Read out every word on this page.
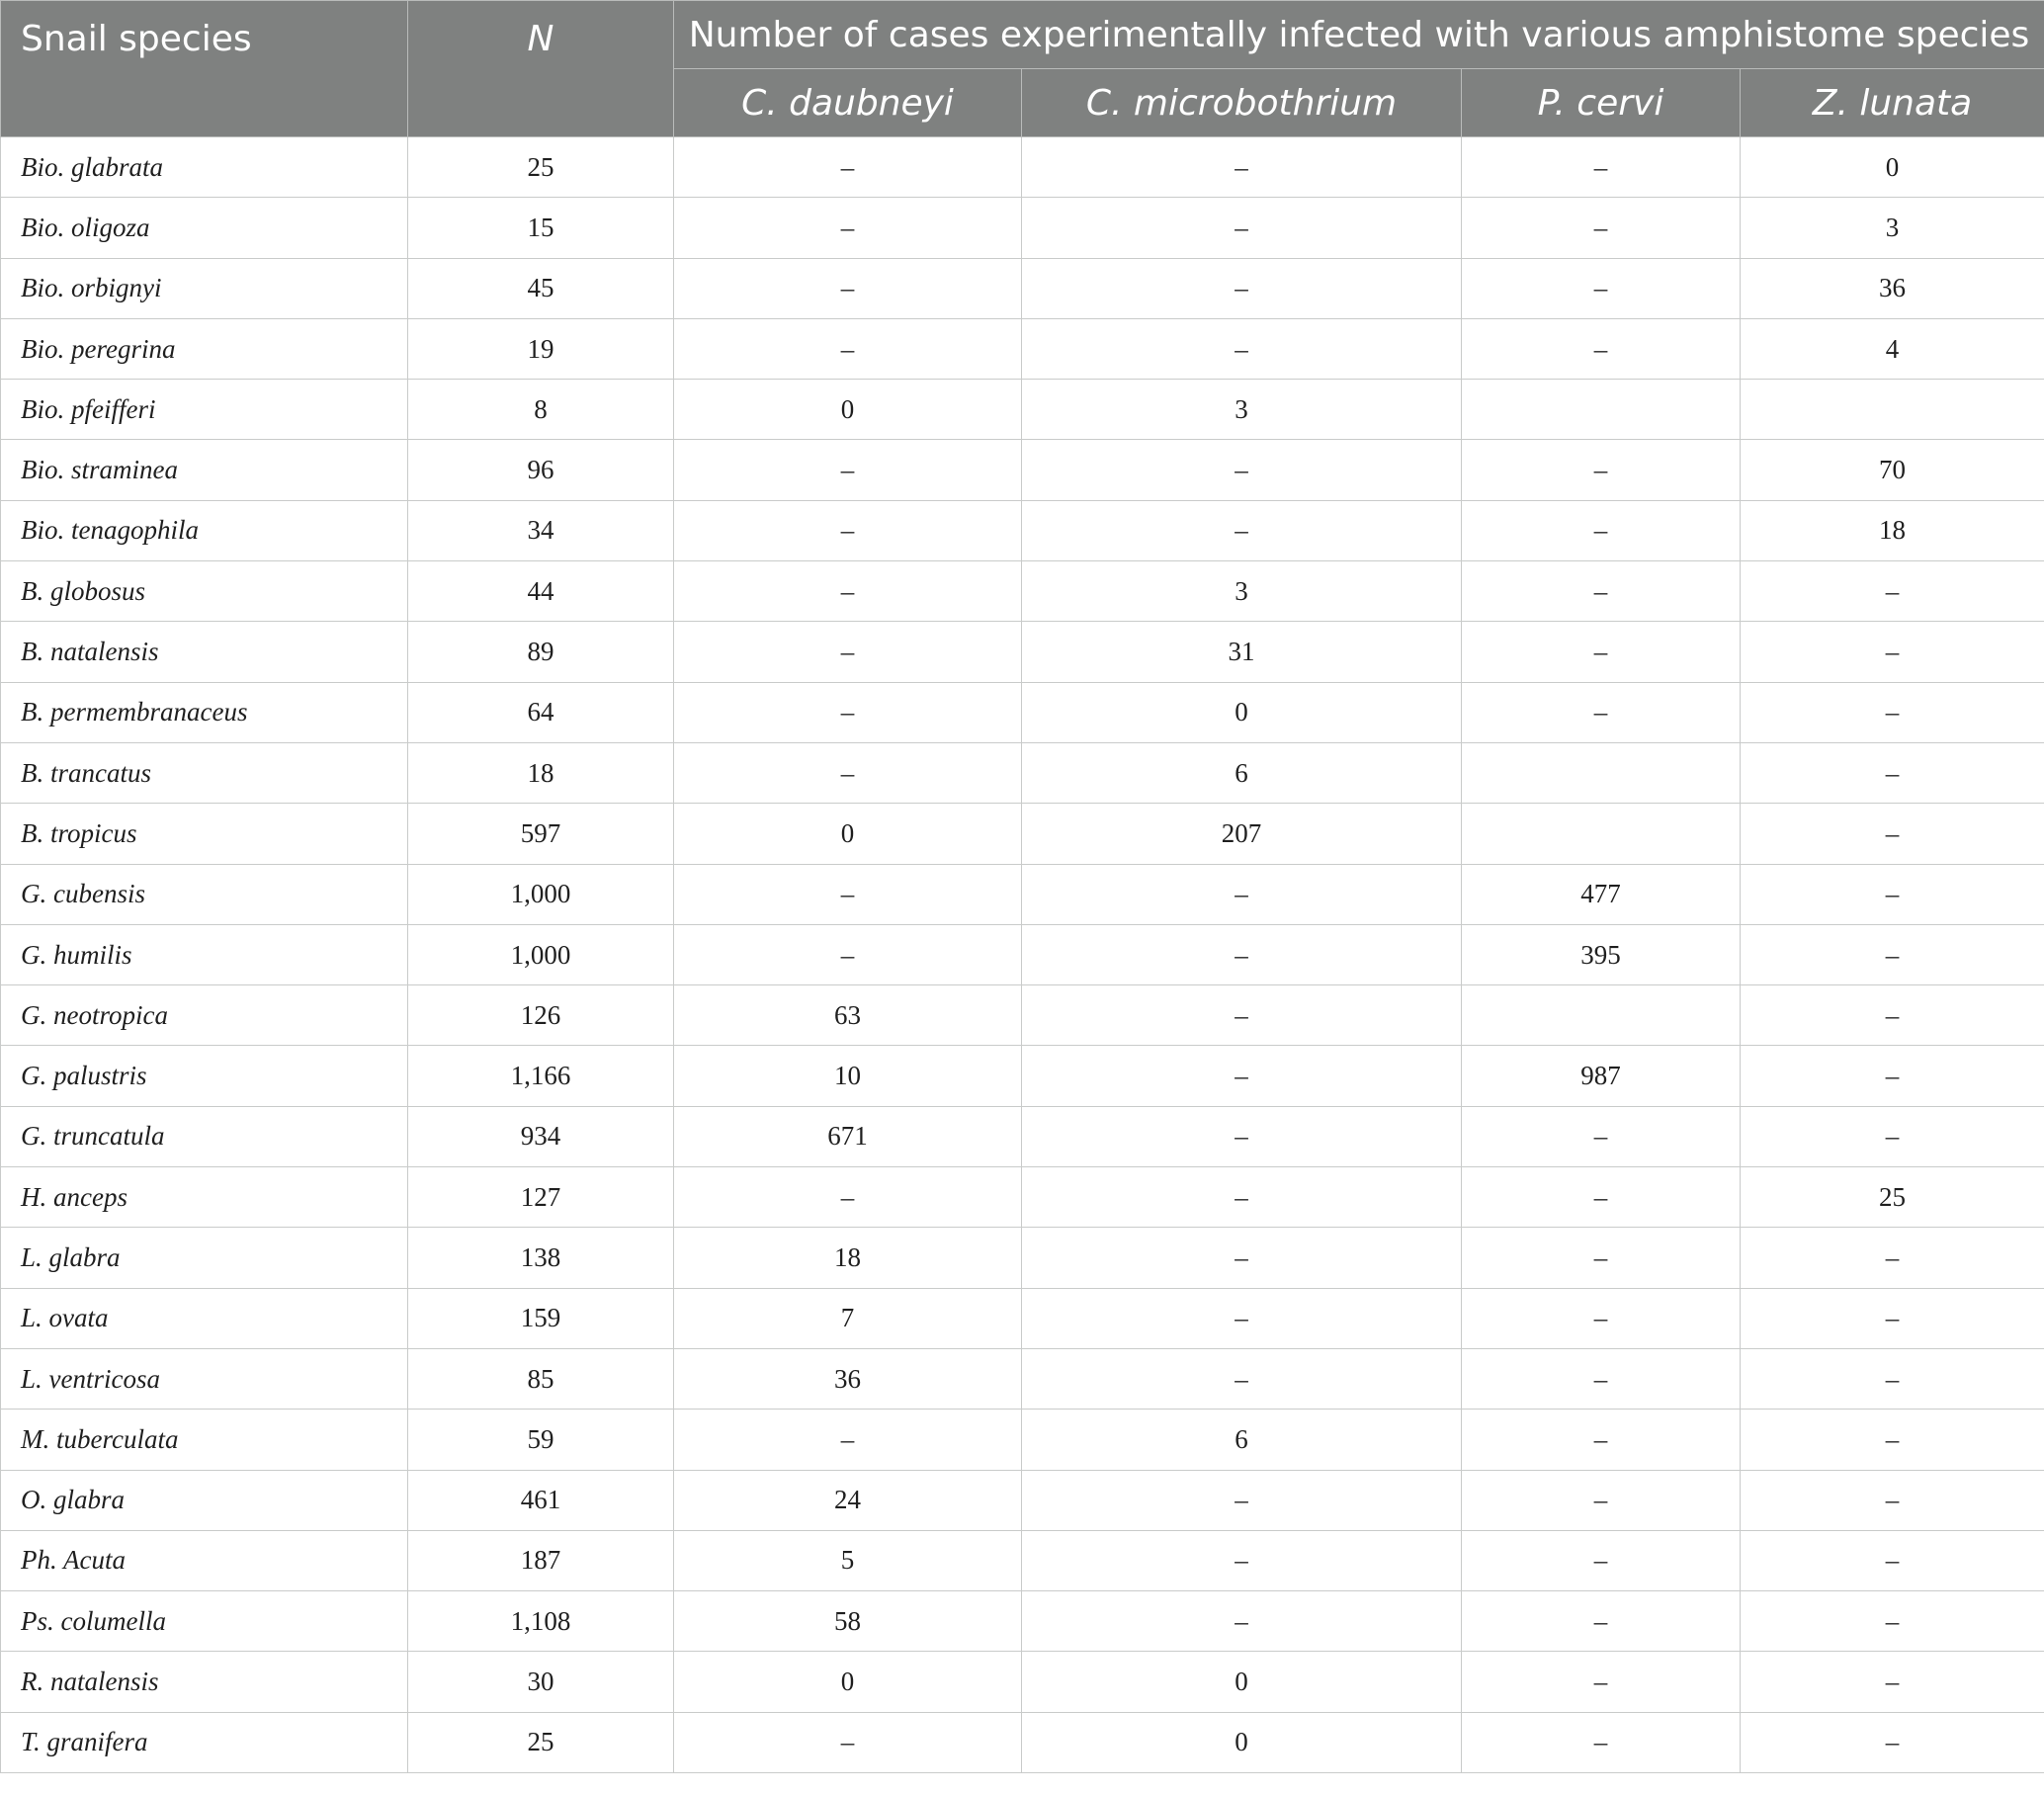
Snail species	N	Number of cases experimentally infected with various amphistome species			
		C. daubneyi	C. microbothrium	P. cervi	Z. lunata
Bio. glabrata	25	–	–	–	0
Bio. oligoza	15	–	–	–	3
Bio. orbignyi	45	–	–	–	36
Bio. peregrina	19	–	–	–	4
Bio. pfeifferi	8	0	3		
Bio. straminea	96	–	–	–	70
Bio. tenagophila	34	–	–	–	18
B. globosus	44	–	3	–	–
B. natalensis	89	–	31	–	–
B. permembranaceus	64	–	0	–	–
B. trancatus	18	–	6		–
B. tropicus	597	0	207		–
G. cubensis	1,000	–	–	477	–
G. humilis	1,000	–	–	395	–
G. neotropica	126	63	–		–
G. palustris	1,166	10	–	987	–
G. truncatula	934	671	–	–	–
H. anceps	127	–	–	–	25
L. glabra	138	18	–	–	–
L. ovata	159	7	–	–	–
L. ventricosa	85	36	–	–	–
M. tuberculata	59	–	6	–	–
O. glabra	461	24	–	–	–
Ph. Acuta	187	5	–	–	–
Ps. columella	1,108	58	–	–	–
R. natalensis	30	0	0	–	–
T. granifera	25	–	0	–	–
